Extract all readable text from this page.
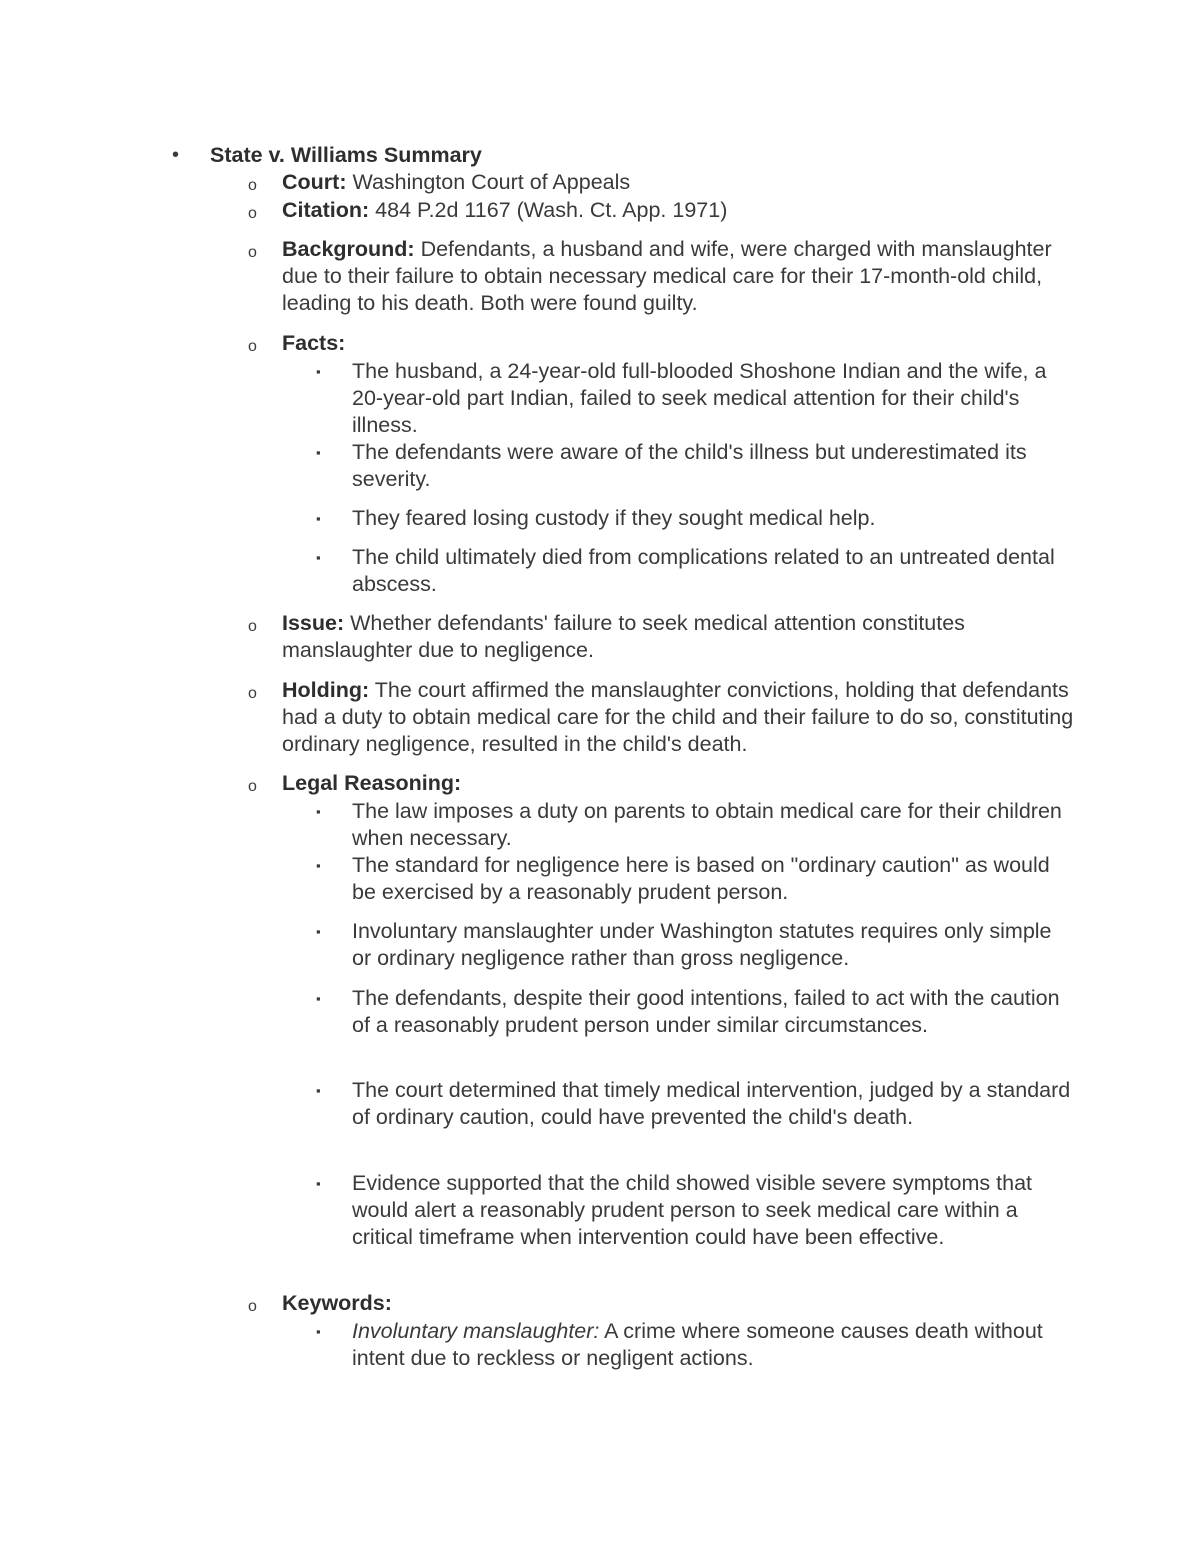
• State v. Williams Summary
o Court: Washington Court of Appeals
o Citation: 484 P.2d 1167 (Wash. Ct. App. 1971)
o Background: Defendants, a husband and wife, were charged with manslaughter due to their failure to obtain necessary medical care for their 17-month-old child, leading to his death. Both were found guilty.
o Facts:
▪ The husband, a 24-year-old full-blooded Shoshone Indian and the wife, a 20-year-old part Indian, failed to seek medical attention for their child's illness.
▪ The defendants were aware of the child's illness but underestimated its severity.
▪ They feared losing custody if they sought medical help.
▪ The child ultimately died from complications related to an untreated dental abscess.
o Issue: Whether defendants' failure to seek medical attention constitutes manslaughter due to negligence.
o Holding: The court affirmed the manslaughter convictions, holding that defendants had a duty to obtain medical care for the child and their failure to do so, constituting ordinary negligence, resulted in the child's death.
o Legal Reasoning:
▪ The law imposes a duty on parents to obtain medical care for their children when necessary.
▪ The standard for negligence here is based on "ordinary caution" as would be exercised by a reasonably prudent person.
▪ Involuntary manslaughter under Washington statutes requires only simple or ordinary negligence rather than gross negligence.
▪ The defendants, despite their good intentions, failed to act with the caution of a reasonably prudent person under similar circumstances.
▪ The court determined that timely medical intervention, judged by a standard of ordinary caution, could have prevented the child's death.
▪ Evidence supported that the child showed visible severe symptoms that would alert a reasonably prudent person to seek medical care within a critical timeframe when intervention could have been effective.
o Keywords:
▪ Involuntary manslaughter: A crime where someone causes death without intent due to reckless or negligent actions.
